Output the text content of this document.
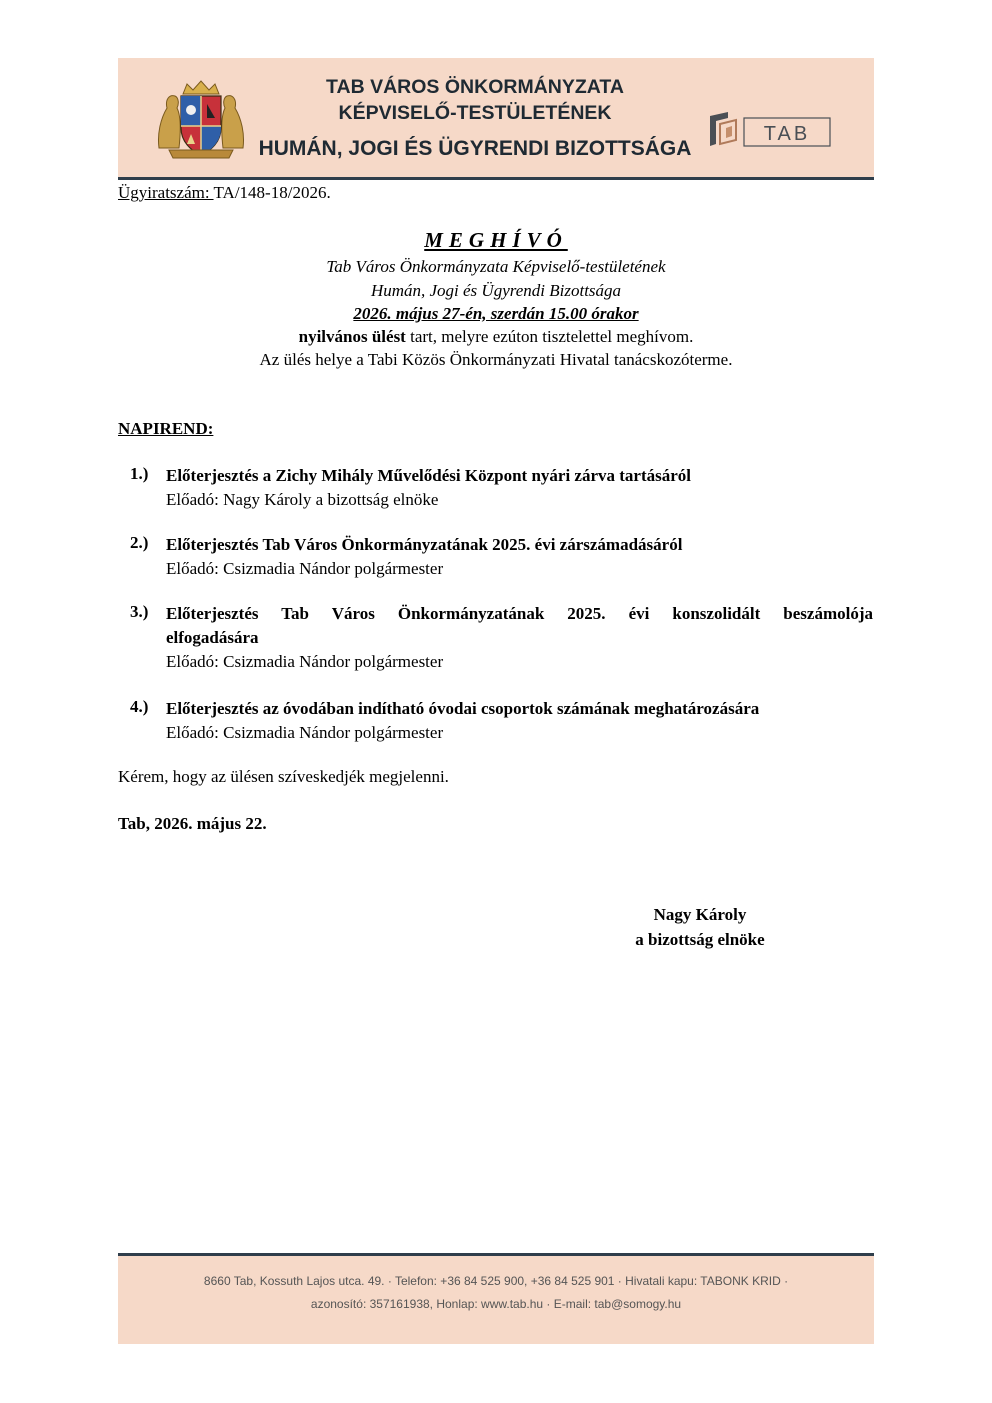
TAB VÁROS ÖNKORMÁNYZATA
KÉPVISELŐ-TESTÜLETÉNEK
HUMÁN, JOGI ÉS ÜGYRENDI BIZOTTSÁGA
TAB
Ügyiratszám: TA/148-18/2026.
MEGHÍVÓ
Tab Város Önkormányzata Képviselő-testületének
Humán, Jogi és Ügyrendi Bizottsága
2026. május 27-én, szerdán 15.00 órakor
nyilvános ülést tart, melyre ezúton tisztelettel meghívom.
Az ülés helye a Tabi Közös Önkormányzati Hivatal tanácskozóterme.
NAPIREND:
1.) Előterjesztés a Zichy Mihály Művelődési Központ nyári zárva tartásáról
Előadó: Nagy Károly a bizottság elnöke
2.) Előterjesztés Tab Város Önkormányzatának 2025. évi zárszámadásáról
Előadó: Csizmadia Nándor polgármester
3.) Előterjesztés Tab Város Önkormányzatának 2025. évi konszolidált beszámolója
elfogadására
Előadó: Csizmadia Nándor polgármester
4.) Előterjesztés az óvodában indítható óvodai csoportok számának meghatározására
Előadó: Csizmadia Nándor polgármester
Kérem, hogy az ülésen szíveskedjék megjelenni.
Tab, 2026. május 22.
Nagy Károly
a bizottság elnöke
8660 Tab, Kossuth Lajos utca. 49. · Telefon: +36 84 525 900, +36 84 525 901 · Hivatali kapu: TABONK KRID ·
azonosító: 357161938, Honlap: www.tab.hu · E-mail: tab@somogy.hu
